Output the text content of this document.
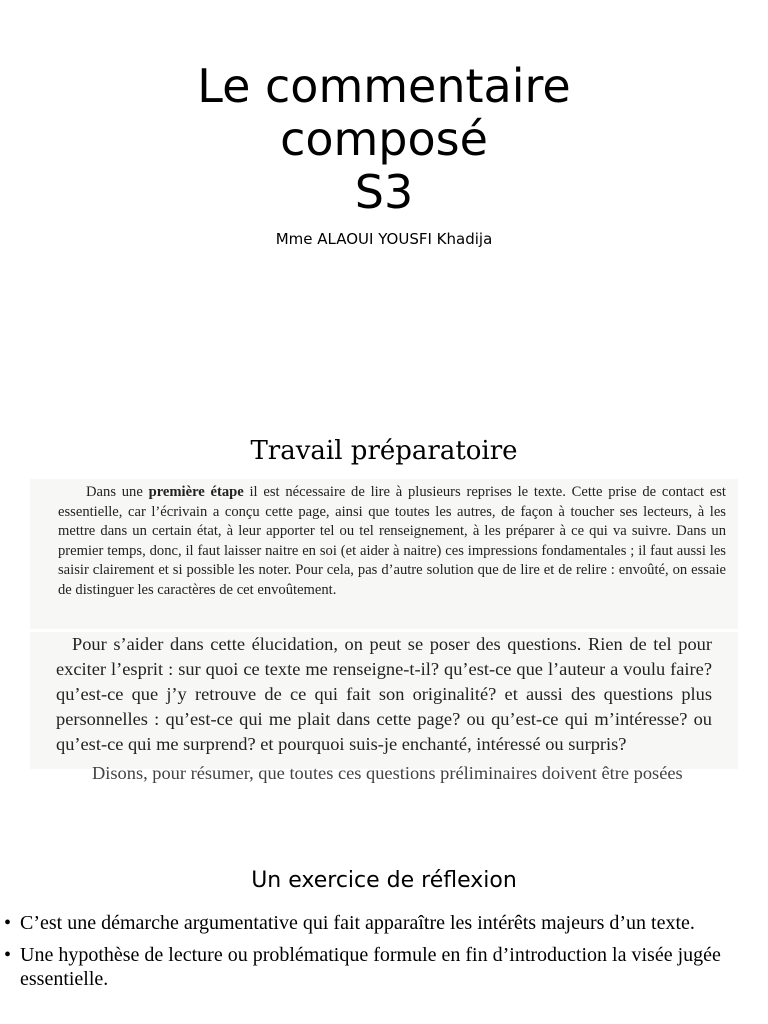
Le commentaire
composé
S3
Mme ALAOUI YOUSFI Khadija
Travail préparatoire

Dans une première étape il est nécessaire de lire à plusieurs reprises le texte. Cette prise de contact est essentielle, car l’écrivain a conçu cette page, ainsi que toutes les autres, de façon à toucher ses lecteurs, à les mettre dans un certain état, à leur apporter tel ou tel renseignement, à les préparer à ce qui va suivre. Dans un premier temps, donc, il faut laisser naitre en soi (et aider à naitre) ces impressions fondamentales ; il faut aussi les saisir clairement et si possible les noter. Pour cela, pas d’autre solution que de lire et de relire : envoûté, on essaie de distinguer les caractères de cet envoûtement.

Pour s’aider dans cette élucidation, on peut se poser des questions. Rien de tel pour exciter l’esprit : sur quoi ce texte me renseigne-t-il? qu’est-ce que l’auteur a voulu faire? qu’est-ce que j’y retrouve de ce qui fait son originalité? et aussi des questions plus personnelles : qu’est-ce qui me plait dans cette page? ou qu’est-ce qui m’intéresse? ou qu’est-ce qui me surprend? et pourquoi suis-je enchanté, intéressé ou surpris?

Disons, pour résumer, que toutes ces questions préliminaires doivent être posées
Un exercice de réflexion
• C’est une démarche argumentative qui fait apparaître les intérêts majeurs d’un texte.
• Une hypothèse de lecture ou problématique formule en fin d’introduction la visée jugée essentielle.
